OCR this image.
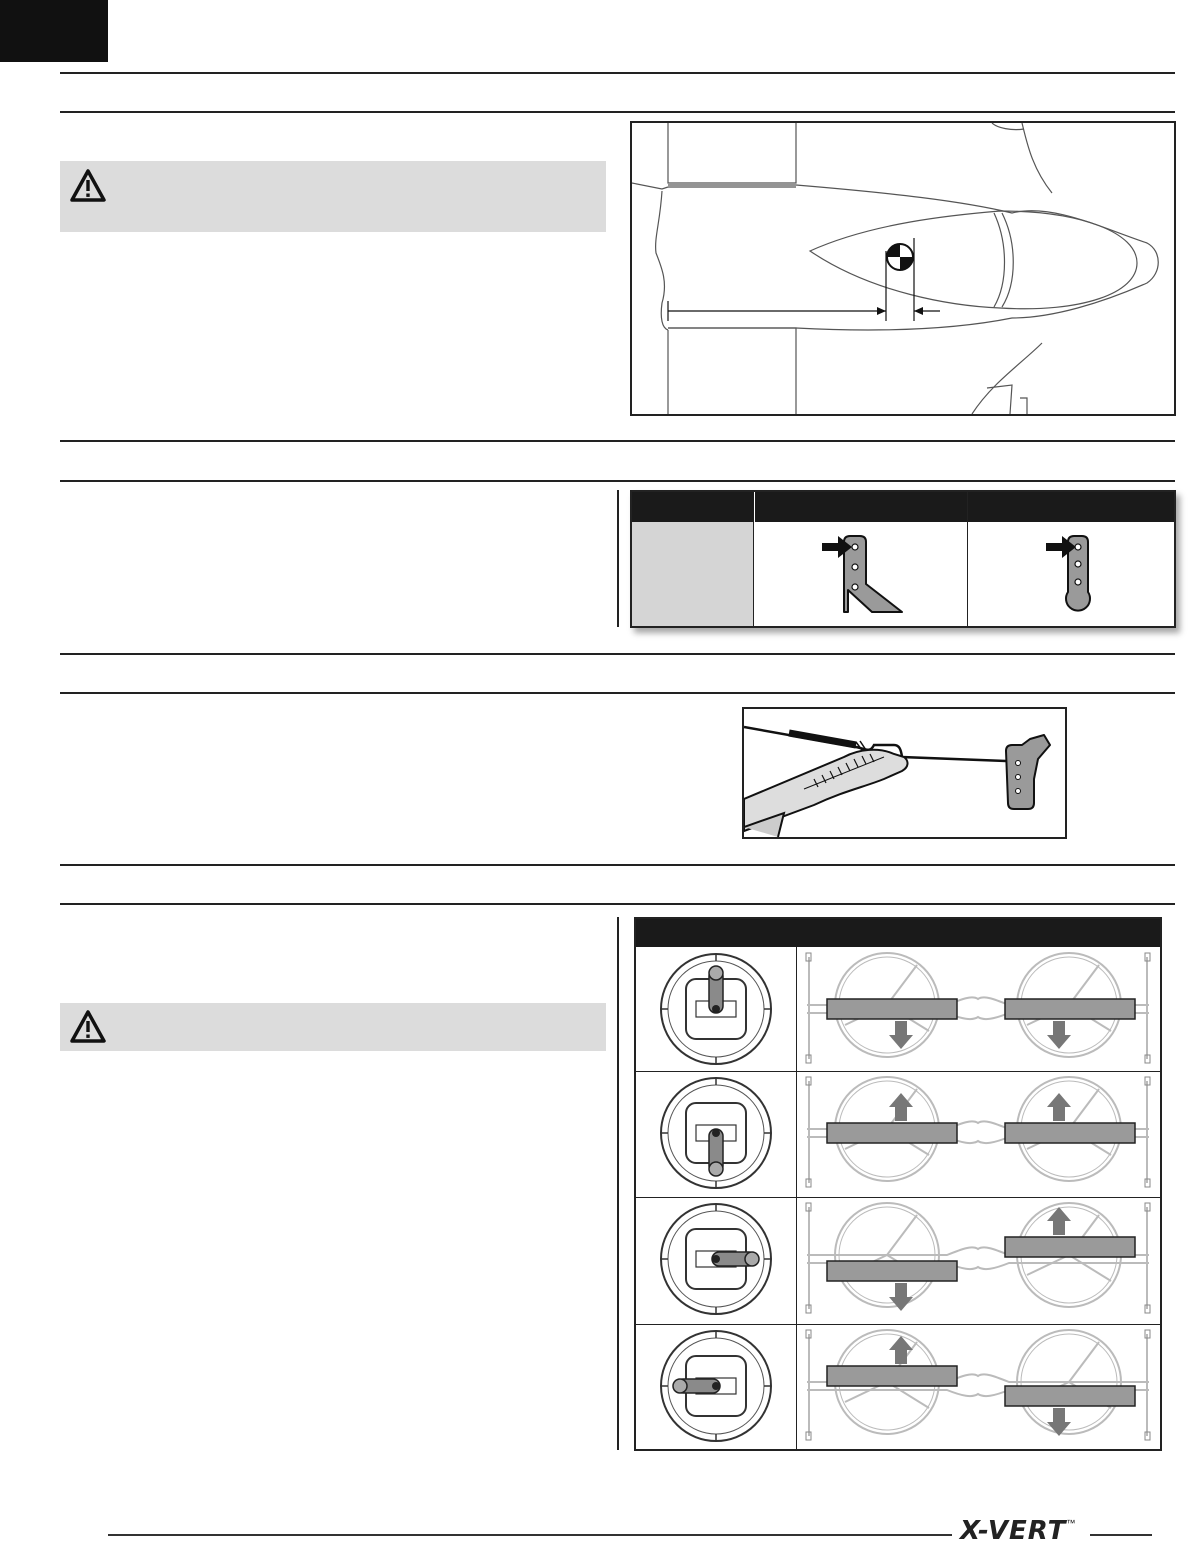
X-VERT ™
